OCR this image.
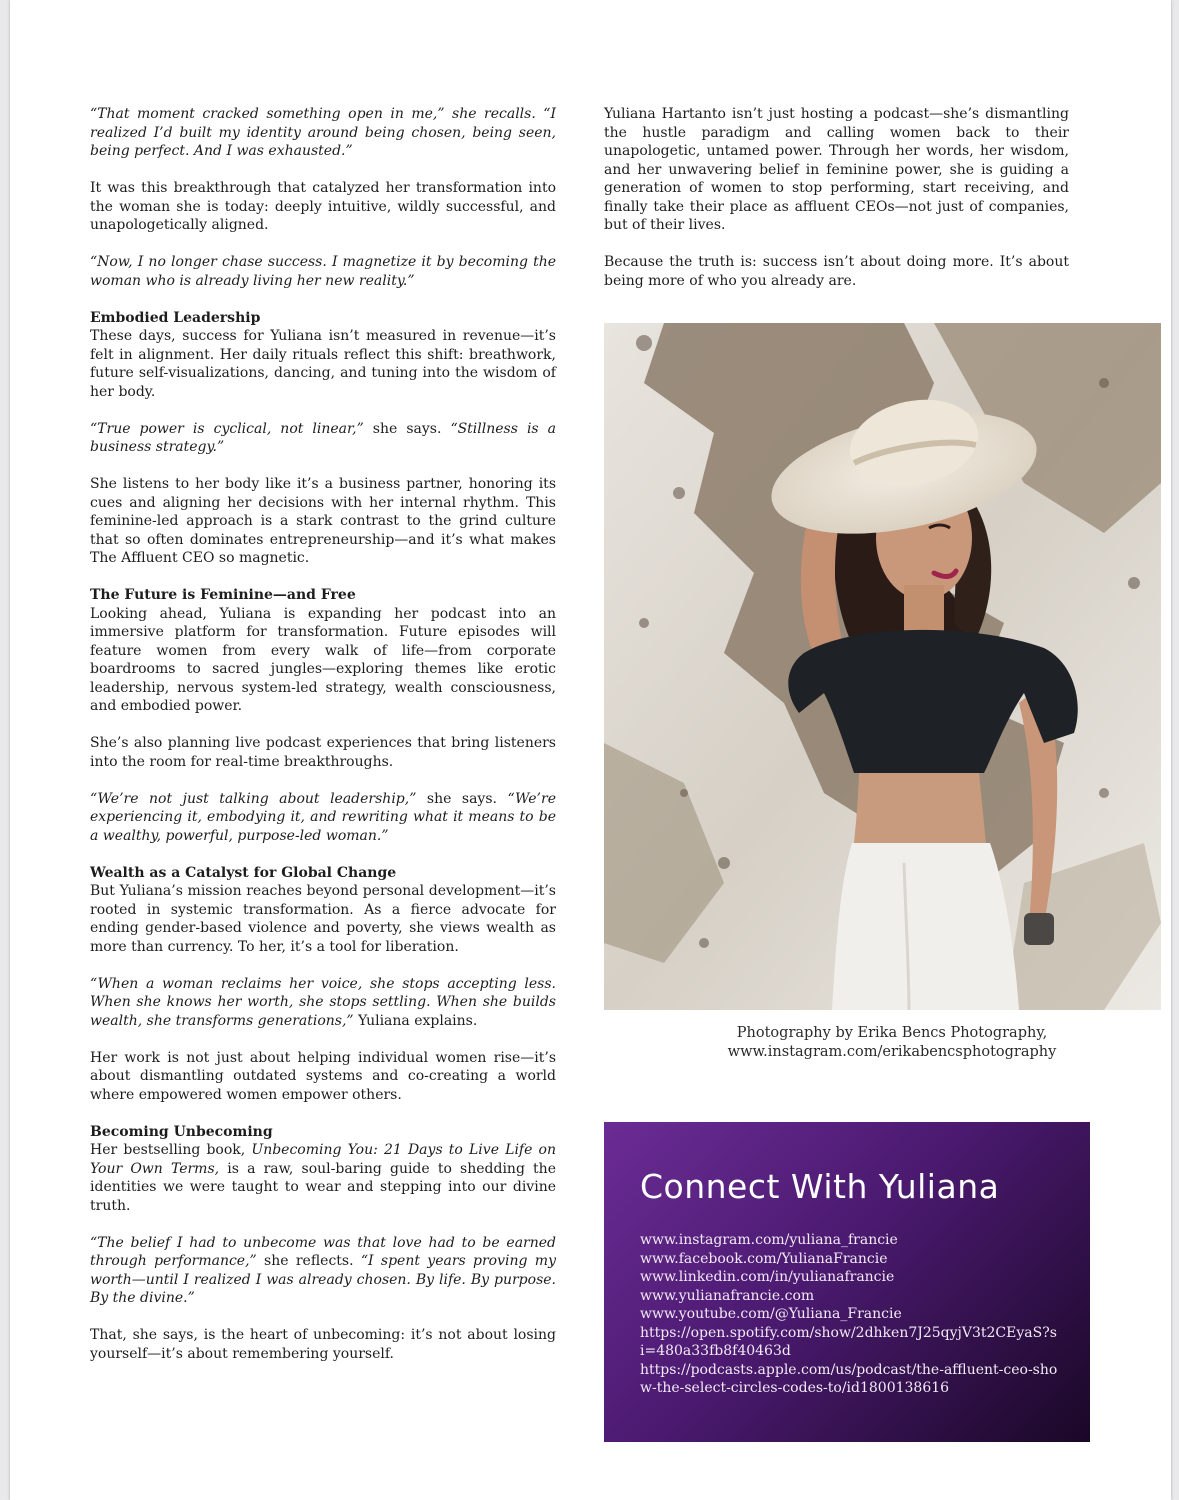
“That moment cracked something open in me,” she recalls. “I realized I’d built my identity around being chosen, being seen, being perfect. And I was exhausted.”

It was this breakthrough that catalyzed her transformation into the woman she is today: deeply intuitive, wildly successful, and unapologetically aligned.

“Now, I no longer chase success. I magnetize it by becoming the woman who is already living her new reality.”

Embodied Leadership

These days, success for Yuliana isn’t measured in revenue—it’s felt in alignment. Her daily rituals reflect this shift: breathwork, future self-visualizations, dancing, and tuning into the wisdom of her body.

“True power is cyclical, not linear,” she says. “Stillness is a business strategy.”

She listens to her body like it’s a business partner, honoring its cues and aligning her decisions with her internal rhythm. This feminine-led approach is a stark contrast to the grind culture that so often dominates entrepreneurship—and it’s what makes The Affluent CEO so magnetic.

The Future is Feminine—and Free

Looking ahead, Yuliana is expanding her podcast into an immersive platform for transformation. Future episodes will feature women from every walk of life—from corporate boardrooms to sacred jungles—exploring themes like erotic leadership, nervous system-led strategy, wealth consciousness, and embodied power.

She’s also planning live podcast experiences that bring listeners into the room for real-time breakthroughs.

“We’re not just talking about leadership,” she says. “We’re experiencing it, embodying it, and rewriting what it means to be a wealthy, powerful, purpose-led woman.”

Wealth as a Catalyst for Global Change

But Yuliana’s mission reaches beyond personal development—it’s rooted in systemic transformation. As a fierce advocate for ending gender-based violence and poverty, she views wealth as more than currency. To her, it’s a tool for liberation.

“When a woman reclaims her voice, she stops accepting less. When she knows her worth, she stops settling. When she builds wealth, she transforms generations,” Yuliana explains.

Her work is not just about helping individual women rise—it’s about dismantling outdated systems and co-creating a world where empowered women empower others.

Becoming Unbecoming

Her bestselling book, Unbecoming You: 21 Days to Live Life on Your Own Terms, is a raw, soul-baring guide to shedding the identities we were taught to wear and stepping into our divine truth.

“The belief I had to unbecome was that love had to be earned through performance,” she reflects. “I spent years proving my worth—until I realized I was already chosen. By life. By purpose. By the divine.”

That, she says, is the heart of unbecoming: it’s not about losing yourself—it’s about remembering yourself.

Yuliana Hartanto isn’t just hosting a podcast—she’s dismantling the hustle paradigm and calling women back to their unapologetic, untamed power. Through her words, her wisdom, and her unwavering belief in feminine power, she is guiding a generation of women to stop performing, start receiving, and finally take their place as affluent CEOs—not just of companies, but of their lives.

Because the truth is: success isn’t about doing more. It’s about being more of who you already are.

Photography by Erika Bencs Photography,
www.instagram.com/erikabencsphotography
Connect With Yuliana
www.instagram.com/yuliana_francie
www.facebook.com/YulianaFrancie
www.linkedin.com/in/yulianafrancie
www.yulianafrancie.com
www.youtube.com/@Yuliana_Francie
https://open.spotify.com/show/2dhken7J25qyjV3t2CEyaS?si=480a33fb8f40463d
https://podcasts.apple.com/us/podcast/the-affluent-ceo-show-the-select-circles-codes-to/id1800138616
